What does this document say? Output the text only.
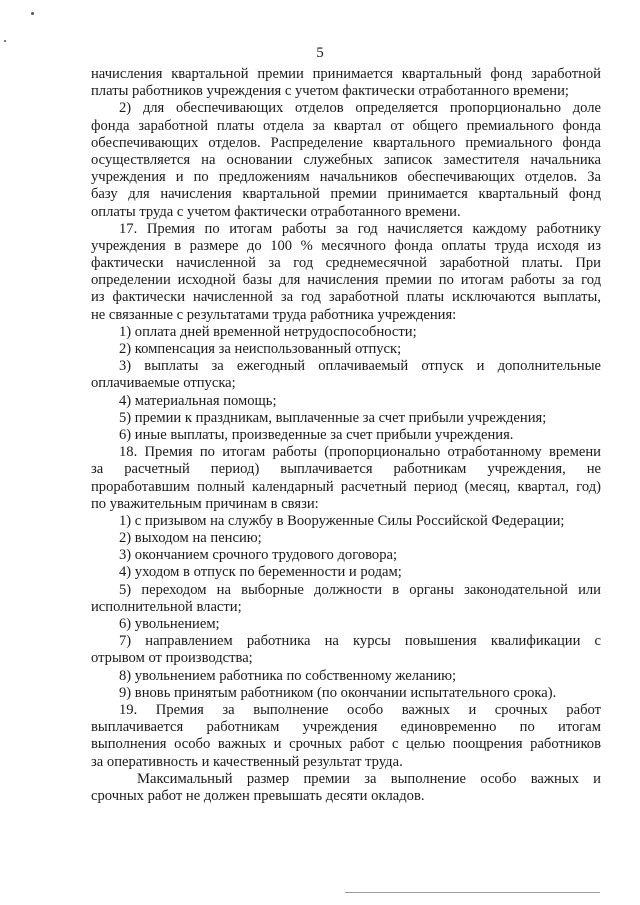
5
начисления квартальной премии принимается квартальный фонд заработной
платы работников учреждения с учетом фактически отработанного времени;
2) для обеспечивающих отделов определяется пропорционально доле
фонда заработной платы отдела за квартал от общего премиального фонда
обеспечивающих отделов. Распределение квартального премиального фонда
осуществляется на основании служебных записок заместителя начальника
учреждения и по предложениям начальников обеспечивающих отделов. За
базу для начисления квартальной премии принимается квартальный фонд
оплаты труда с учетом фактически отработанного времени.
17. Премия по итогам работы за год начисляется каждому работнику
учреждения в размере до 100 % месячного фонда оплаты труда исходя из
фактически начисленной за год среднемесячной заработной платы. При
определении исходной базы для начисления премии по итогам работы за год
из фактически начисленной за год заработной платы исключаются выплаты,
не связанные с результатами труда работника учреждения:
1) оплата дней временной нетрудоспособности;
2) компенсация за неиспользованный отпуск;
3) выплаты за ежегодный оплачиваемый отпуск и дополнительные
оплачиваемые отпуска;
4) материальная помощь;
5) премии к праздникам, выплаченные за счет прибыли учреждения;
6) иные выплаты, произведенные за счет прибыли учреждения.
18. Премия по итогам работы (пропорционально отработанному времени
за расчетный период) выплачивается работникам учреждения, не
проработавшим полный календарный расчетный период (месяц, квартал, год)
по уважительным причинам в связи:
1) с призывом на службу в Вооруженные Силы Российской Федерации;
2) выходом на пенсию;
3) окончанием срочного трудового договора;
4) уходом в отпуск по беременности и родам;
5) переходом на выборные должности в органы законодательной или
исполнительной власти;
6) увольнением;
7) направлением работника на курсы повышения квалификации с
отрывом от производства;
8) увольнением работника по собственному желанию;
9) вновь принятым работником (по окончании испытательного срока).
19. Премия за выполнение особо важных и срочных работ
выплачивается работникам учреждения единовременно по итогам
выполнения особо важных и срочных работ с целью поощрения работников
за оперативность и качественный результат труда.
Максимальный размер премии за выполнение особо важных и
срочных работ не должен превышать десяти окладов.
